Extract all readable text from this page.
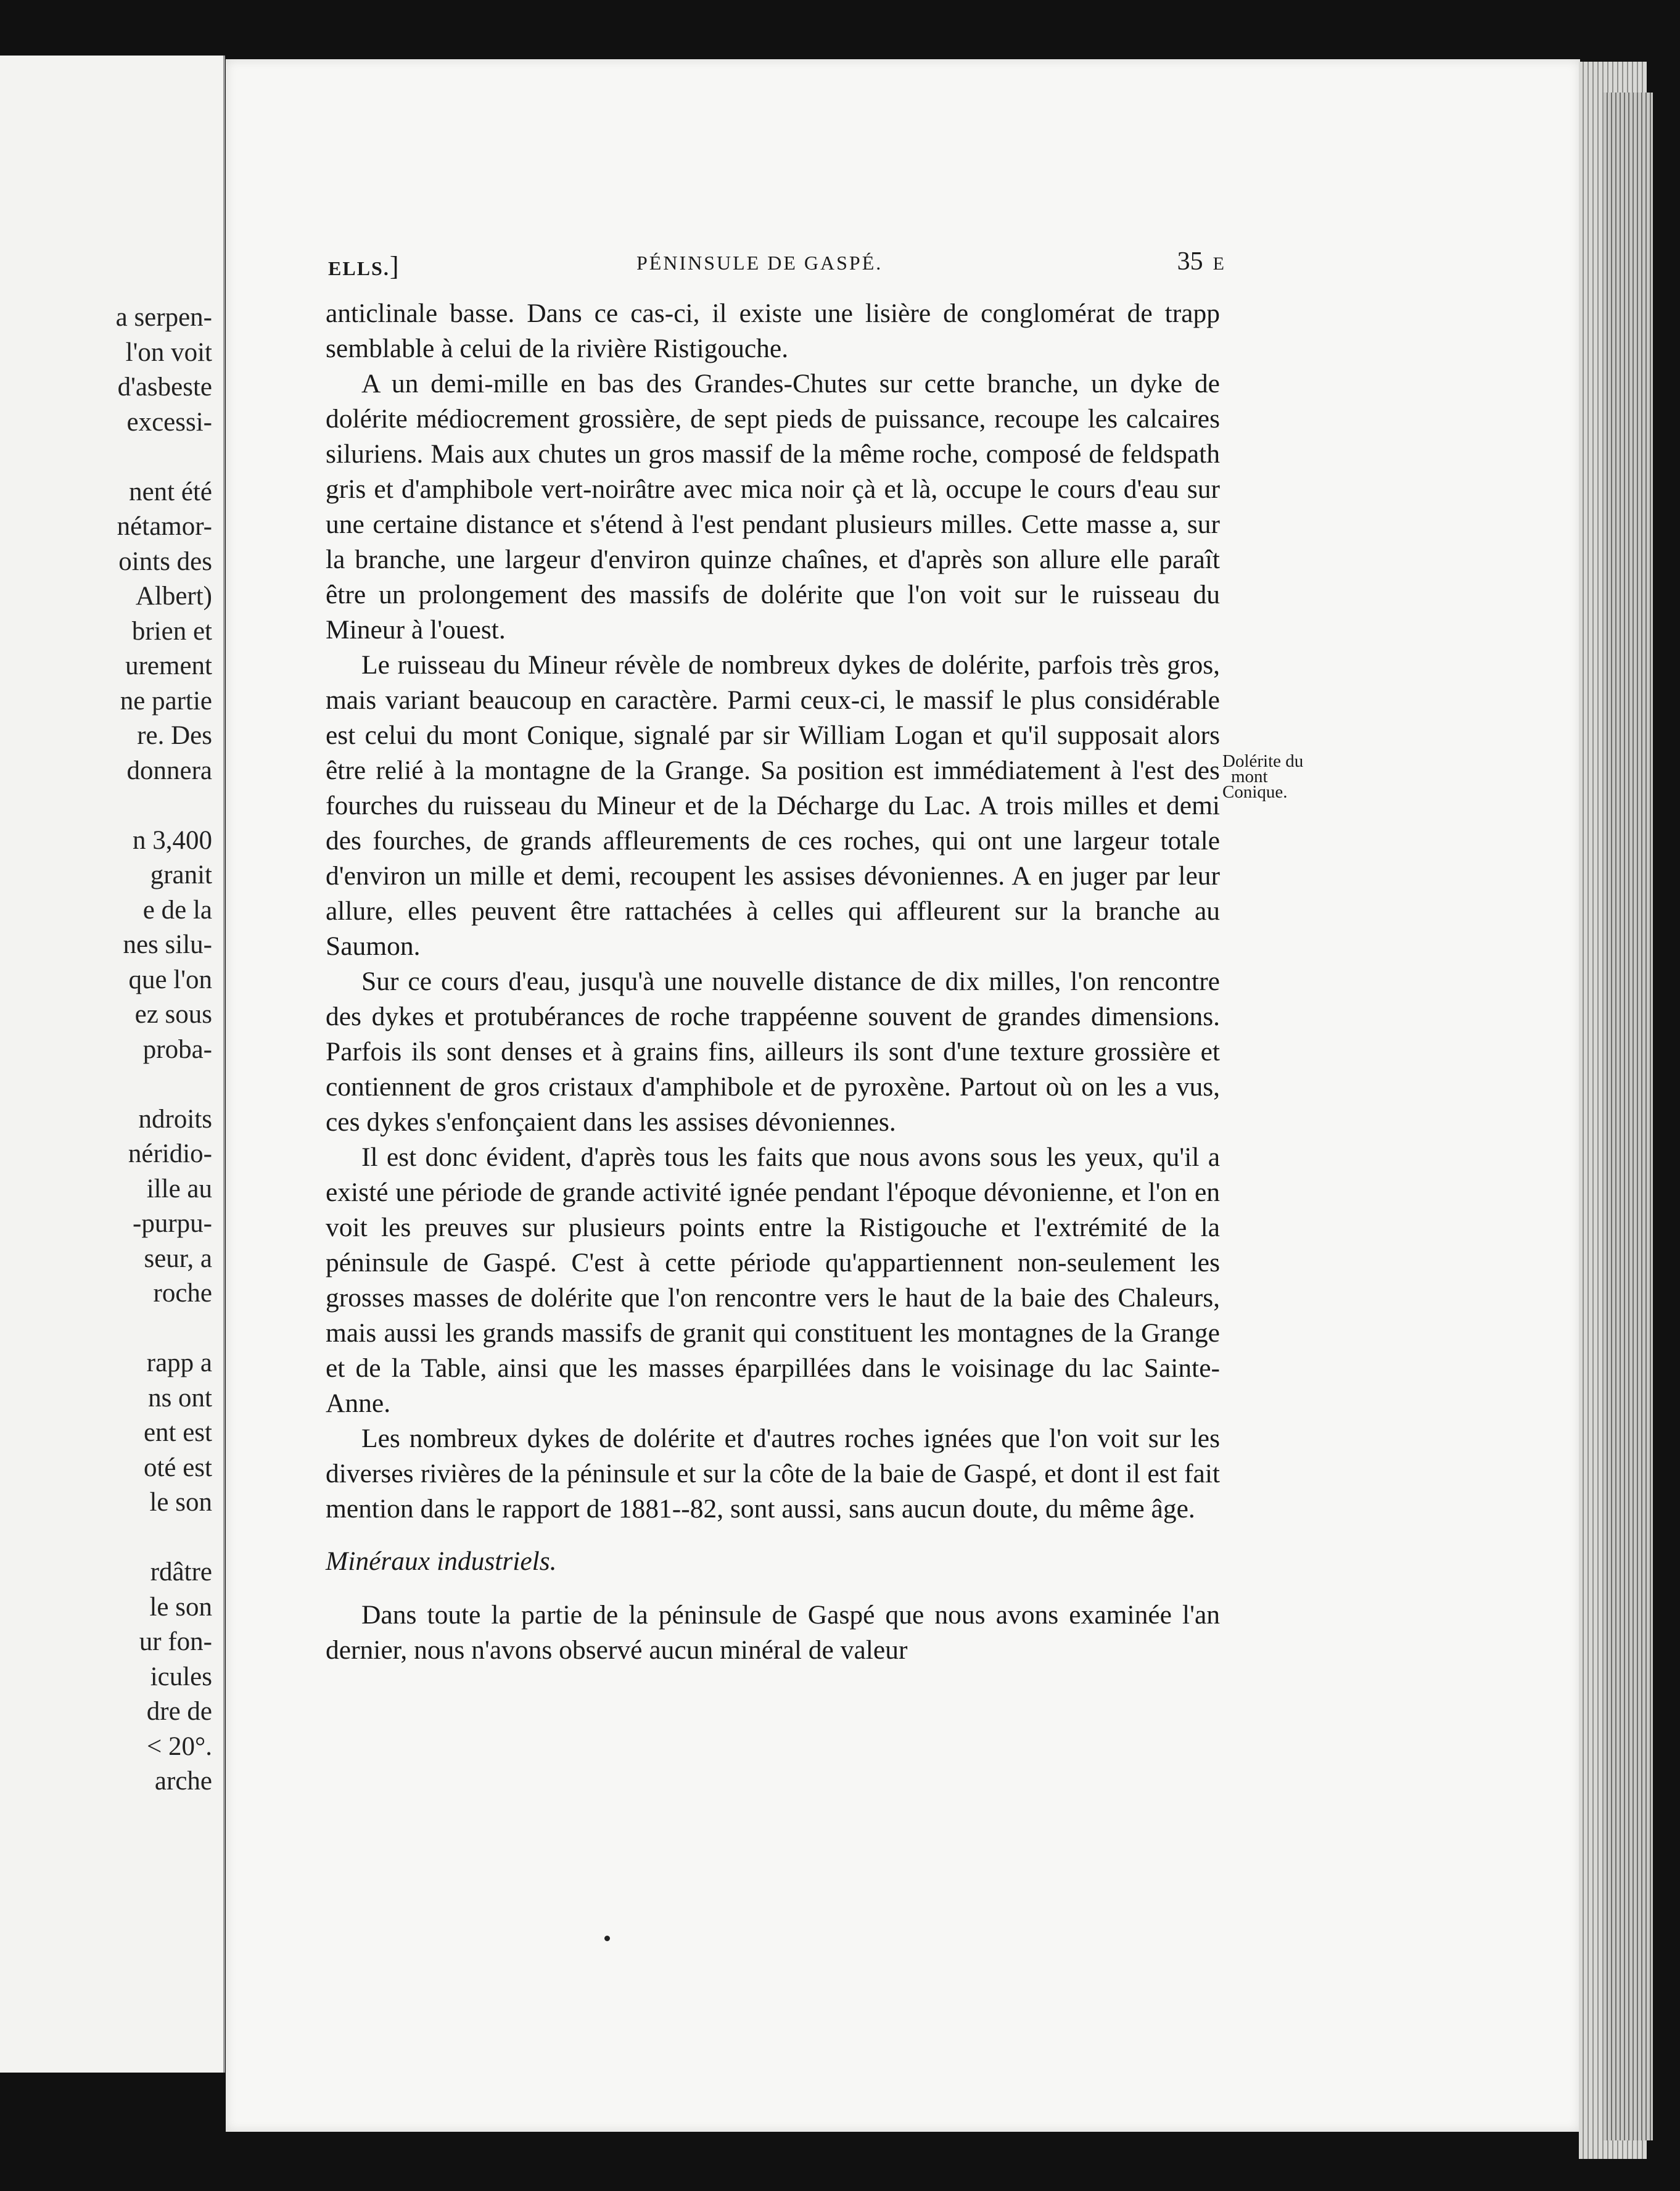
a serpen-
l'on voit
d'asbeste
excessi-
nent été
nétamor-
oints des
Albert)
brien et
urement
ne partie
re. Des
donnera
n 3,400
granit
e de la
nes silu-
que l'on
ez sous
proba-
ndroits
néridio-
ille au
-purpu-
seur, a
roche
rapp a
ns ont
ent est
oté est
le son
rdâtre
le son
ur fon-
icules
dre de
< 20°.
arche
ELLS.]	PÉNINSULE DE GASPÉ.	35 E

anticlinale basse. Dans ce cas-ci, il existe une lisière de conglomérat de trapp semblable à celui de la rivière Ristigouche.

A un demi-mille en bas des Grandes-Chutes sur cette branche, un dyke de dolérite médiocrement grossière, de sept pieds de puissance, recoupe les calcaires siluriens. Mais aux chutes un gros massif de la même roche, composé de feldspath gris et d'amphibole vert-noirâtre avec mica noir çà et là, occupe le cours d'eau sur une certaine distance et s'étend à l'est pendant plusieurs milles. Cette masse a, sur la branche, une largeur d'environ quinze chaînes, et d'après son allure elle paraît être un prolongement des massifs de dolérite que l'on voit sur le ruisseau du Mineur à l'ouest.

Le ruisseau du Mineur révèle de nombreux dykes de dolérite, parfois très gros, mais variant beaucoup en caractère. Parmi ceux-ci, le massif le plus considérable est celui du mont Conique, signalé par sir William Logan et qu'il supposait alors être relié à la montagne de la Grange. Sa position est immédiatement à l'est des fourches du ruisseau du Mineur et de la Décharge du Lac. A trois milles et demi des fourches, de grands affleurements de ces roches, qui ont une largeur totale d'environ un mille et demi, recoupent les assises dévoniennes. A en juger par leur allure, elles peuvent être rattachées à celles qui affleurent sur la branche au Saumon.

Sur ce cours d'eau, jusqu'à une nouvelle distance de dix milles, l'on rencontre des dykes et protubérances de roche trappéenne souvent de grandes dimensions. Parfois ils sont denses et à grains fins, ailleurs ils sont d'une texture grossière et contiennent de gros cristaux d'amphibole et de pyroxène. Partout où on les a vus, ces dykes s'enfonçaient dans les assises dévoniennes.

Il est donc évident, d'après tous les faits que nous avons sous les yeux, qu'il a existé une période de grande activité ignée pendant l'époque dévonienne, et l'on en voit les preuves sur plusieurs points entre la Ristigouche et l'extrémité de la péninsule de Gaspé. C'est à cette période qu'appartiennent non-seulement les grosses masses de dolérite que l'on rencontre vers le haut de la baie des Chaleurs, mais aussi les grands massifs de granit qui constituent les montagnes de la Grange et de la Table, ainsi que les masses éparpillées dans le voisinage du lac Sainte-Anne.

Les nombreux dykes de dolérite et d'autres roches ignées que l'on voit sur les diverses rivières de la péninsule et sur la côte de la baie de Gaspé, et dont il est fait mention dans le rapport de 1881--82, sont aussi, sans aucun doute, du même âge.

Minéraux industriels.

Dans toute la partie de la péninsule de Gaspé que nous avons examinée l'an dernier, nous n'avons observé aucun minéral de valeur

Dolérite du
mont
Conique.
